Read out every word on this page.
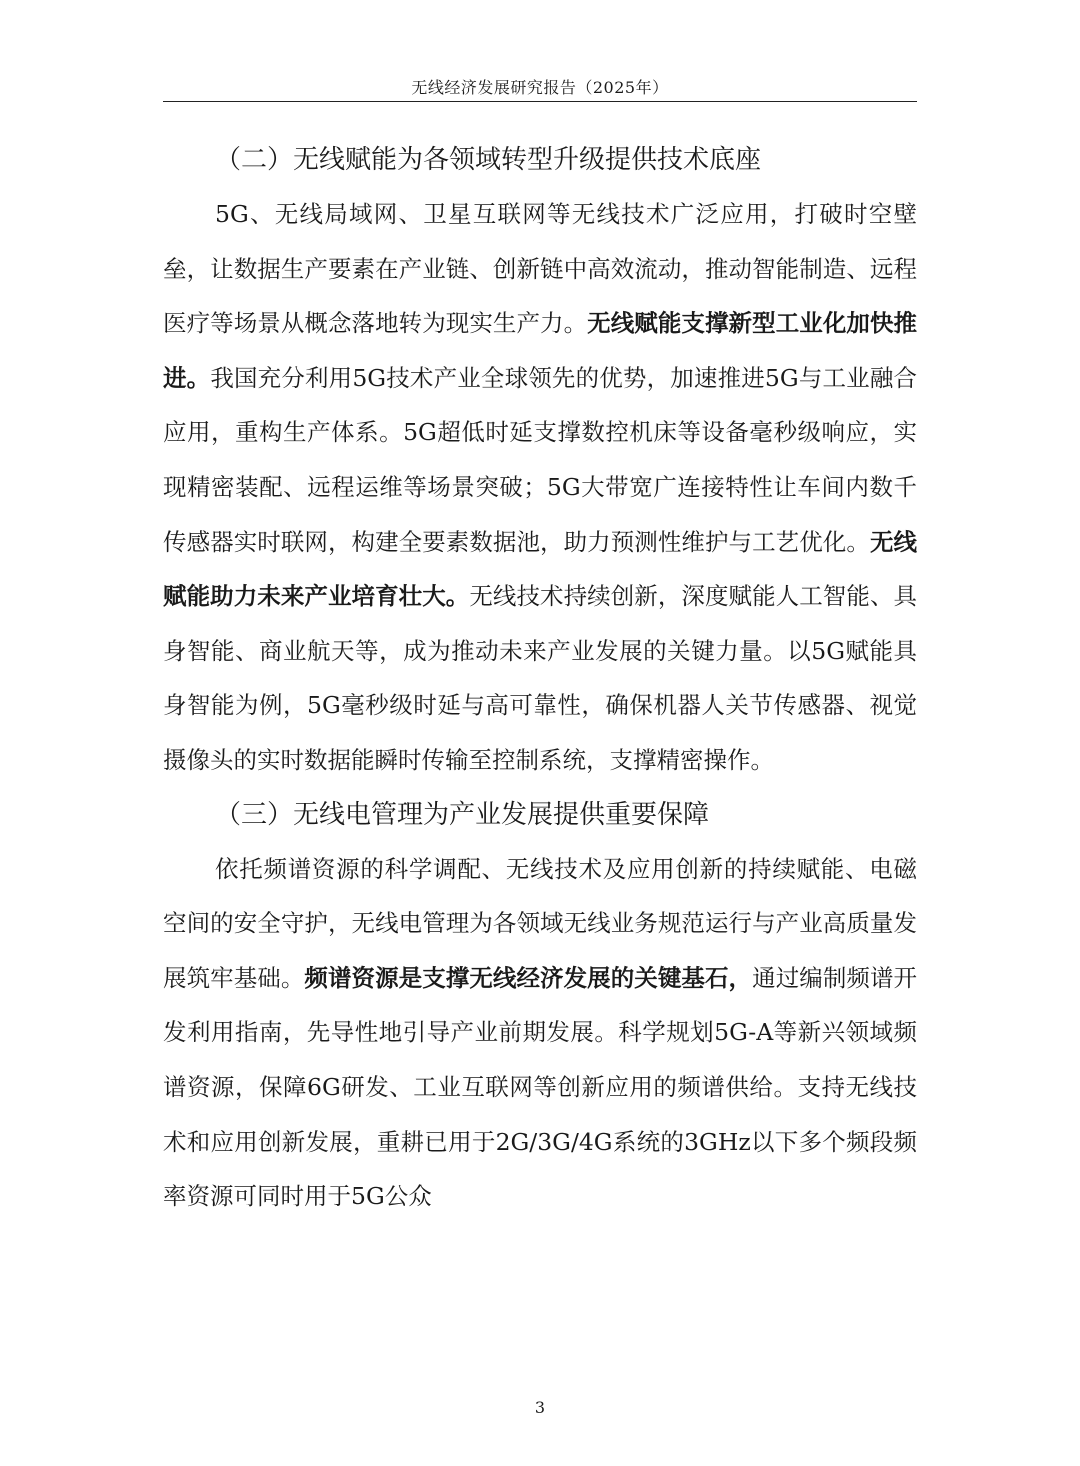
无线经济发展研究报告（2025年）
（二）无线赋能为各领域转型升级提供技术底座

5G、无线局域网、卫星互联网等无线技术广泛应用，打破时空壁垒，让数据生产要素在产业链、创新链中高效流动，推动智能制造、远程医疗等场景从概念落地转为现实生产力。无线赋能支撑新型工业化加快推进。我国充分利用5G技术产业全球领先的优势，加速推进5G与工业融合应用，重构生产体系。5G超低时延支撑数控机床等设备毫秒级响应，实现精密装配、远程运维等场景突破；5G大带宽广连接特性让车间内数千传感器实时联网，构建全要素数据池，助力预测性维护与工艺优化。无线赋能助力未来产业培育壮大。无线技术持续创新，深度赋能人工智能、具身智能、商业航天等，成为推动未来产业发展的关键力量。以5G赋能具身智能为例，5G毫秒级时延与高可靠性，确保机器人关节传感器、视觉摄像头的实时数据能瞬时传输至控制系统，支撑精密操作。

（三）无线电管理为产业发展提供重要保障

依托频谱资源的科学调配、无线技术及应用创新的持续赋能、电磁空间的安全守护，无线电管理为各领域无线业务规范运行与产业高质量发展筑牢基础。频谱资源是支撑无线经济发展的关键基石，通过编制频谱开发利用指南，先导性地引导产业前期发展。科学规划5G-A等新兴领域频谱资源，保障6G研发、工业互联网等创新应用的频谱供给。支持无线技术和应用创新发展，重耕已用于2G/3G/4G系统的3GHz以下多个频段频率资源可同时用于5G公众

3
